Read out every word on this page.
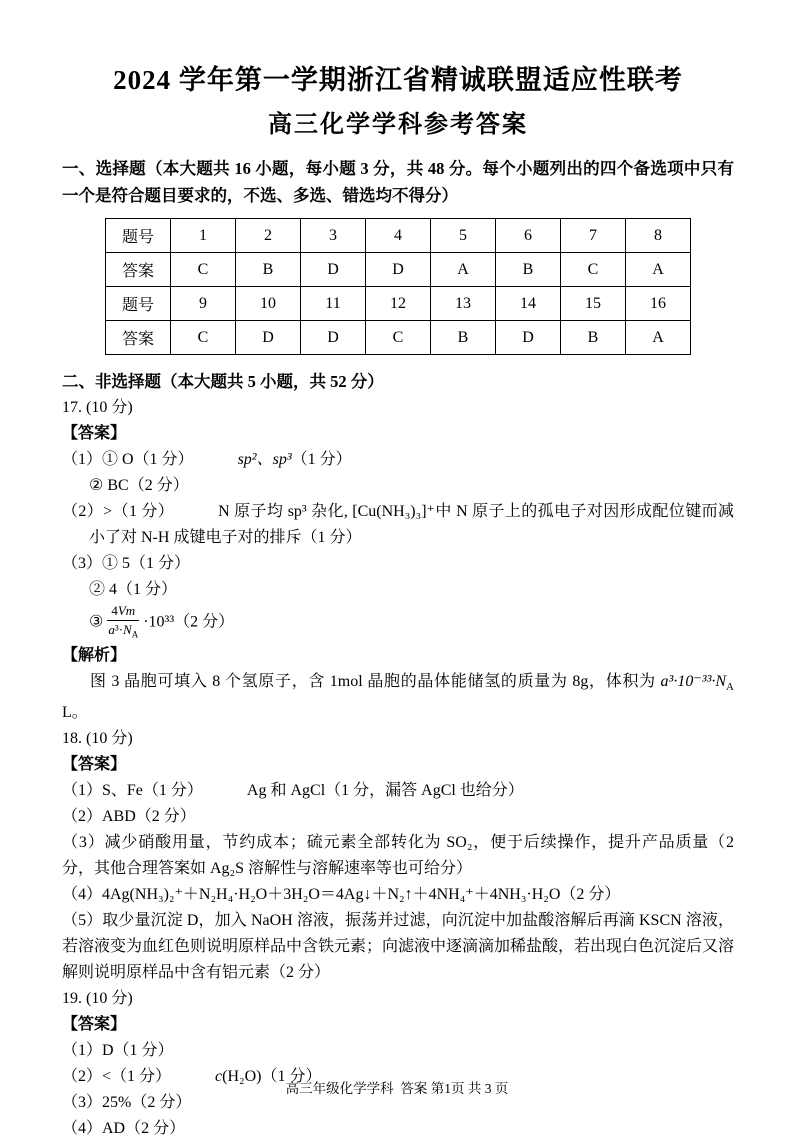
2024 学年第一学期浙江省精诚联盟适应性联考
高三化学学科参考答案

一、选择题（本大题共 16 小题，每小题 3 分，共 48 分。每个小题列出的四个备选项中只有一个是符合题目要求的，不选、多选、错选均不得分）

题号	1	2	3	4	5	6	7	8
答案	C	B	D	D	A	B	C	A
题号	9	10	11	12	13	14	15	16
答案	C	D	D	C	B	D	B	A

二、非选择题（本大题共 5 小题，共 52 分）

17. (10 分)

【答案】

（1）① O（1 分）	sp²、sp³（1 分）

② BC（2 分）

（2）>（1 分）	N 原子均 sp³ 杂化, [Cu(NH₃)₃]⁺中 N 原子上的孤电子对因形成配位键而减小了对 N-H 成键电子对的排斥（1 分）

（3）① 5（1 分）

② 4（1 分）

③ $\frac{4Vm}{a^3\cdot N_A} \cdot 10^{33}(2$ 分）

【解析】

图 3 晶胞可填入 8 个氢原子，含 1mol 晶胞的晶体能储氢的质量为 8g，体积为 $a^3\cdot 10^{-33}\cdot N_A$ L。

18. (10 分)

【答案】

（1）S、Fe（1 分）	Ag 和 AgCl（1 分，漏答 AgCl 也给分）

（2）ABD（2 分）

（3）减少硝酸用量，节约成本；硫元素全部转化为 SO₂，便于后续操作，提升产品质量（2 分，其他合理答案如 Ag₂S 溶解性与溶解速率等也可给分）

（4）4Ag(NH₃)₂⁺＋N₂H₄·H₂O＋3H₂O＝4Ag↓＋N₂↑＋4NH₄⁺＋4NH₃·H₂O（2 分）

（5）取少量沉淀 D，加入 NaOH 溶液，振荡并过滤，向沉淀中加盐酸溶解后再滴 KSCN 溶液，若溶液变为血红色则说明原样品中含铁元素；向滤液中逐滴滴加稀盐酸，若出现白色沉淀后又溶解则说明原样品中含有铝元素（2 分）

19. (10 分)

【答案】

（1）D（1 分）

（2）<（1 分）	c(H₂O)（1 分）

（3）25%（2 分）

（4）AD（2 分）

高三年级化学学科  答案 第1页 共 3 页
